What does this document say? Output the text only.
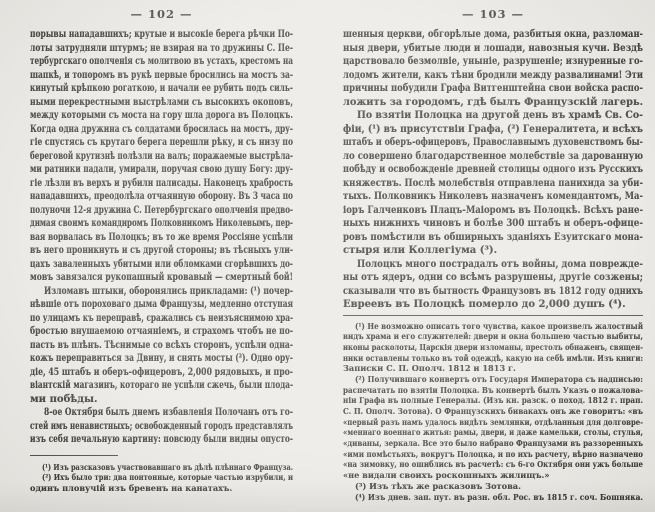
— 102 —
порывы нападавшихъ; крутые и высокіе берега рѣчки По-
лоты затрудняли штурмъ; не взирая на то дружины С. Пе-
тербургскаго ополченія съ молитвою въ устахъ, крестомъ на
шапкѣ, и топоромъ въ рукѣ первые бросились на мостъ за-
кинутый крѣпкою рогаткою, и начали ее рубить подъ силь-
ными перекрестными выстрѣлами съ высокихъ окоповъ,
между которыми съ моста на гору шла дорога въ Полоцкъ.
Когда одна дружина съ солдатами бросилась на мостъ, дру-
гіе спустясь съ крутаго берега перешли рѣку, и съ низу по
береговой крутизнѣ полѣзли на валъ; поражаемые выстрѣла-
ми ратники падали, умирали, поручая свою душу Богу: дру-
гіе лѣзли въ верхъ и рубили палисады. Наконецъ храбрость
нападавшихъ, преодолѣла отчаянную оборону. Въ 3 часа по
полуночи 12-я дружина С. Петербургскаго ополченія предво-
димая своимъ командиромъ Полковникомъ Николевымъ, пер-
вая ворвалась въ Полоцкъ; въ то же время Россіяне успѣли
въ него проникнуть и съ другой стороны; въ тѣсныхъ ули-
цахъ заваленныхъ убитыми или обломками сгорѣвшихъ до-
мовъ завязался рукопашный кровавый — смертный бой!
Изломавъ штыки, оборонялись прикладами: (¹) почер-
нѣвшіе отъ пороховаго дыма Французы, медленно отступая
по улицамъ къ переправѣ, сражались съ неизъяснимою хра-
бростью внушаемою отчаяніемъ, и страхомъ чтобъ не по-
пасть въ плѣнъ. Тѣснимые со всѣхъ сторонъ, успѣли одна-
кожъ переправиться за Двину, и снять мосты (²). Одно ору-
діе, 45 штабъ и оберъ-офицеровъ, 2,000 рядовыхъ, и про-
віантскій магазинъ, котораго не успѣли сжечь, были плода-
ми побѣды.
8-ое Октября былъ днемъ избавленія Полочанъ отъ го-
стей имъ ненавистныхъ; освобожденный городъ представлялъ
изъ себя печальную картину: повсюду были видны опусто-
(¹) Изъ разсказовъ участвовавшаго въ дѣлѣ плѣннаго Француза.
(²) Ихъ было три: два понтонные, которые частью изрубили, и
одинъ пловучій изъ бревенъ на канатахъ.
— 103 —
шенныя церкви, обгорѣлые дома, разбитыя окна, разломан-
ныя двери, убитые люди и лошади, навозныя кучи. Вездѣ
царствовало безмолвіе, уныніе, разрушеніе; изнуренные го-
лодомъ жители, какъ тѣни бродили между развалинами! Эти
причины побудили Графа Витгенштейна свои войска распо-
ложить за городомъ, гдѣ былъ Французскій лагерь.
По взятіи Полоцка на другой день въ храмѣ Св. Со-
фіи, (¹) въ присутствіи Графа, (²) Генералитета, и всѣхъ
штабъ и оберъ-офицеровъ, Православнымъ духовенствомъ бы-
ло совершено благодарственное молебствіе за дарованную
побѣду и освобожденіе древней столицы одного изъ Русскихъ
княжествъ. Послѣ молебствія отправлена панихида за уби-
тыхъ. Полковникъ Николевъ назначенъ комендантомъ, Ма-
іоръ Галченковъ Плацъ-Маіоромъ въ Полоцкѣ. Всѣхъ ране-
ныхъ нижнихъ чиновъ и болѣе 300 штабъ и оберъ-офице-
ровъ помѣстили въ обширныхъ зданіяхъ Езуитскаго мона-
стыря или Коллегіума (³).
Полоцкъ много пострадалъ отъ войны, дома поврежде-
ны отъ ядеръ, одни со всѣмъ разрушены, другіе созжены;
сказывали что въ бытность Французовъ въ 1812 году однихъ
Евреевъ въ Полоцкѣ померло до 2,000 душъ (⁴).
(¹) Не возможно описать того чувства, какое произвелъ жалостный
видъ храма и его служителей: двери и окна большею частью выбиты,
иконы расколоты, Царскія двери изломаны, престолъ обнаженъ, священ-
ники оставлены только въ той одеждѣ, какую на себѣ имѣли. Изъ книги:
Записки С. П. Ополч. 1812 и 1813 г.
(²) Получившаго конвертъ отъ Государя Императора съ надписью:
распечатать по взятіи Полоцка. Въ конвертѣ былъ Указъ о пожалова-
ніи Графа въ полные Генералы. (Изъ кн. разск. о поход. 1812 г. прап.
С. П. Ополч. Зотова). О Французскихъ бивакахъ онъ же говоритъ: «въ
«первый разъ намъ удалось видѣть землянки, отдѣланныя для долговре-
«меннаго военнаго житья: рамы, двери, и даже камельки, столы, стулья,
«диваны, зеркала. Все это было набрано Французами въ раззоренныхъ
«ими помѣстьяхъ, вокругъ Полоцка, и по ихъ расчету, вѣрно назначено
«на зимовку, но ошиблись въ расчетѣ: съ 6-го Октября они ужъ больше
«не видали своихъ роскошныхъ жилищъ.»
(³) Изъ тѣхъ же расказовъ Зотова.
(⁴) Изъ днев. зап. пут. въ разн. обл. Рос. въ 1815 г. соч. Бошняка.
